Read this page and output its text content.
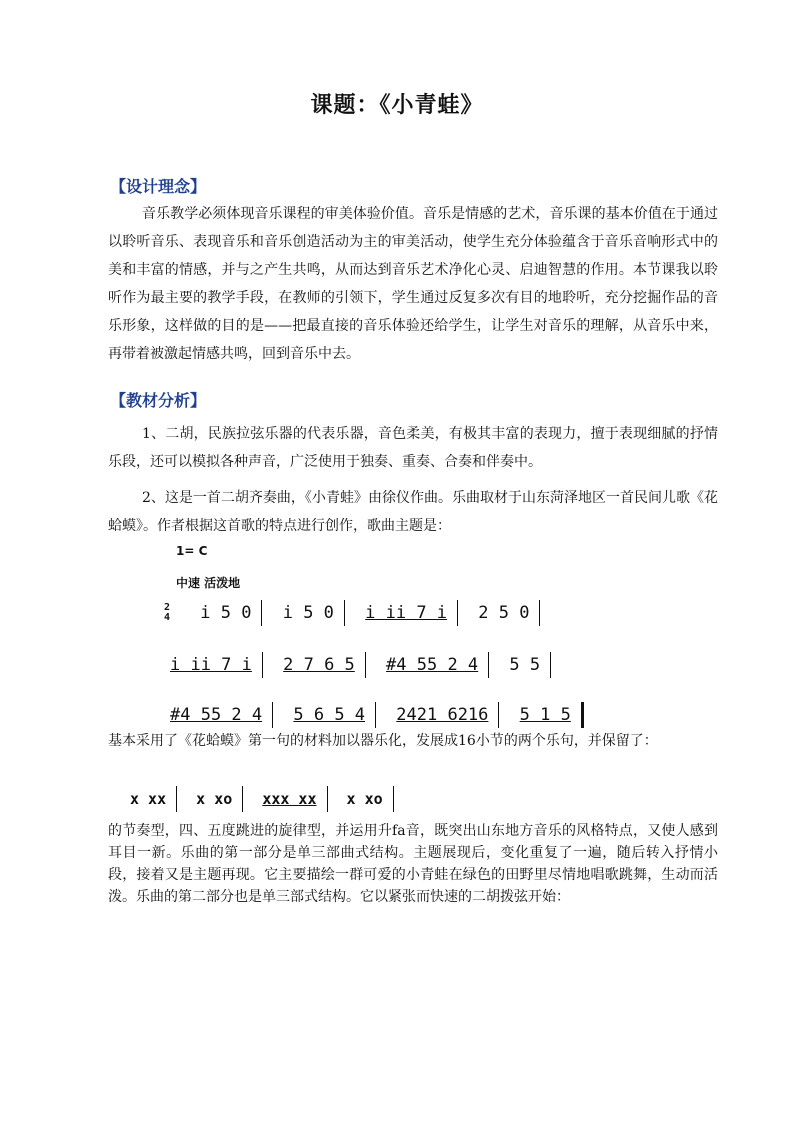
课题：《小青蛙》
【设计理念】
音乐教学必须体现音乐课程的审美体验价值。音乐是情感的艺术，音乐课的基本价值在于通过以聆听音乐、表现音乐和音乐创造活动为主的审美活动，使学生充分体验蕴含于音乐音响形式中的美和丰富的情感，并与之产生共鸣，从而达到音乐艺术净化心灵、启迪智慧的作用。本节课我以聆听作为最主要的教学手段，在教师的引领下，学生通过反复多次有目的地聆听，充分挖掘作品的音乐形象，这样做的目的是——把最直接的音乐体验还给学生，让学生对音乐的理解，从音乐中来，再带着被激起情感共鸣，回到音乐中去。
【教材分析】
1、二胡，民族拉弦乐器的代表乐器，音色柔美，有极其丰富的表现力，擅于表现细腻的抒情乐段，还可以模拟各种声音，广泛使用于独奏、重奏、合奏和伴奏中。
2、这是一首二胡齐奏曲，《小青蛙》由徐仪作曲。乐曲取材于山东菏泽地区一首民间儿歌《花蛤蟆》。作者根据这首歌的特点进行创作，歌曲主题是：
1= C
中速 活泼地
2
4 i 5 0 i 5 0 i ii 7 i 2 5 0
i ii 7 i 2 7 6 5 #4 55 2 4 5 5
#4 55 2 4 5 6 5 4 2421 6216 5 1 5
基本采用了《花蛤蟆》第一句的材料加以器乐化，发展成16小节的两个乐句，并保留了：
x xx x xo xxx xx x xo
的节奏型，四、五度跳进的旋律型，并运用升fa音，既突出山东地方音乐的风格特点，又使人感到耳目一新。乐曲的第一部分是单三部曲式结构。主题展现后，变化重复了一遍，随后转入抒情小段，接着又是主题再现。它主要描绘一群可爱的小青蛙在绿色的田野里尽情地唱歌跳舞，生动而活泼。乐曲的第二部分也是单三部式结构。它以紧张而快速的二胡拨弦开始：
